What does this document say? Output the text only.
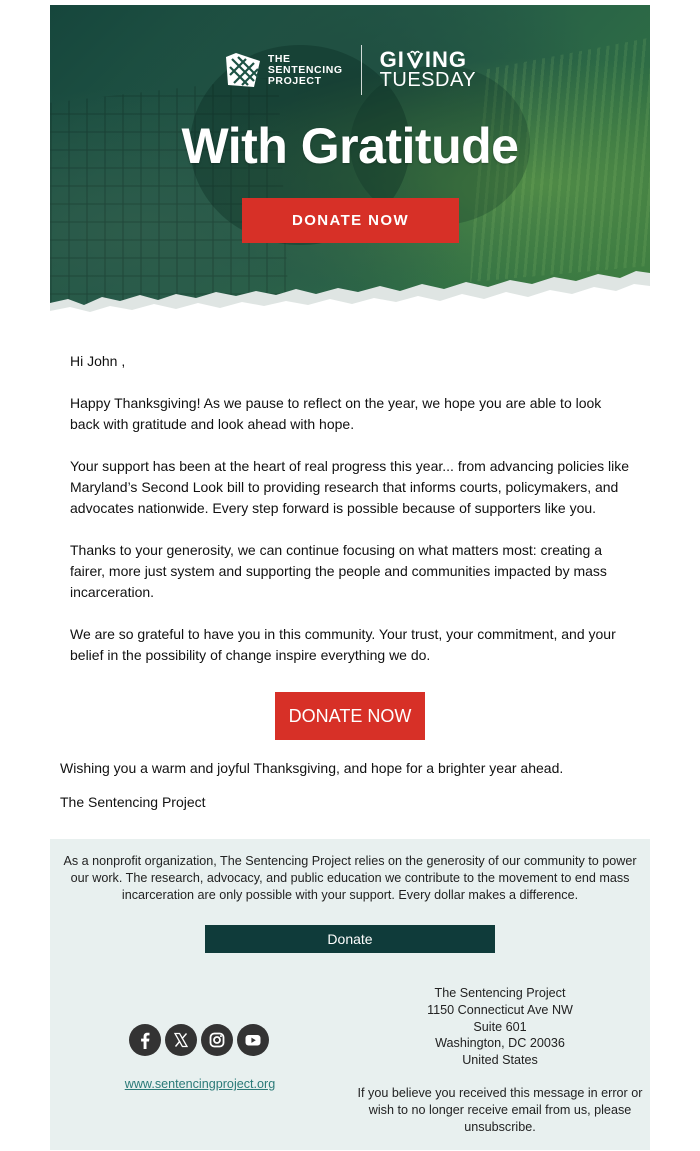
THE
SENTENCING
PROJECT
GI ING
TUESDAY
With Gratitude
DONATE NOW

Hi John ,

Happy Thanksgiving! As we pause to reflect on the year, we hope you are able to look back with gratitude and look ahead with hope.

Your support has been at the heart of real progress this year... from advancing policies like Maryland’s Second Look bill to providing research that informs courts, policymakers, and advocates nationwide. Every step forward is possible because of supporters like you.

Thanks to your generosity, we can continue focusing on what matters most: creating a fairer, more just system and supporting the people and communities impacted by mass incarceration.

We are so grateful to have you in this community. Your trust, your commitment, and your belief in the possibility of change inspire everything we do.

DONATE NOW

Wishing you a warm and joyful Thanksgiving, and hope for a brighter year ahead.

The Sentencing Project

As a nonprofit organization, The Sentencing Project relies on the generosity of our community to power our work. The research, advocacy, and public education we contribute to the movement to end mass incarceration are only possible with your support. Every dollar makes a difference.
Donate
www.sentencingproject.org
The Sentencing Project
1150 Connecticut Ave NW
Suite 601
Washington, DC 20036
United States
If you believe you received this message in error or wish to no longer receive email from us, please unsubscribe.
